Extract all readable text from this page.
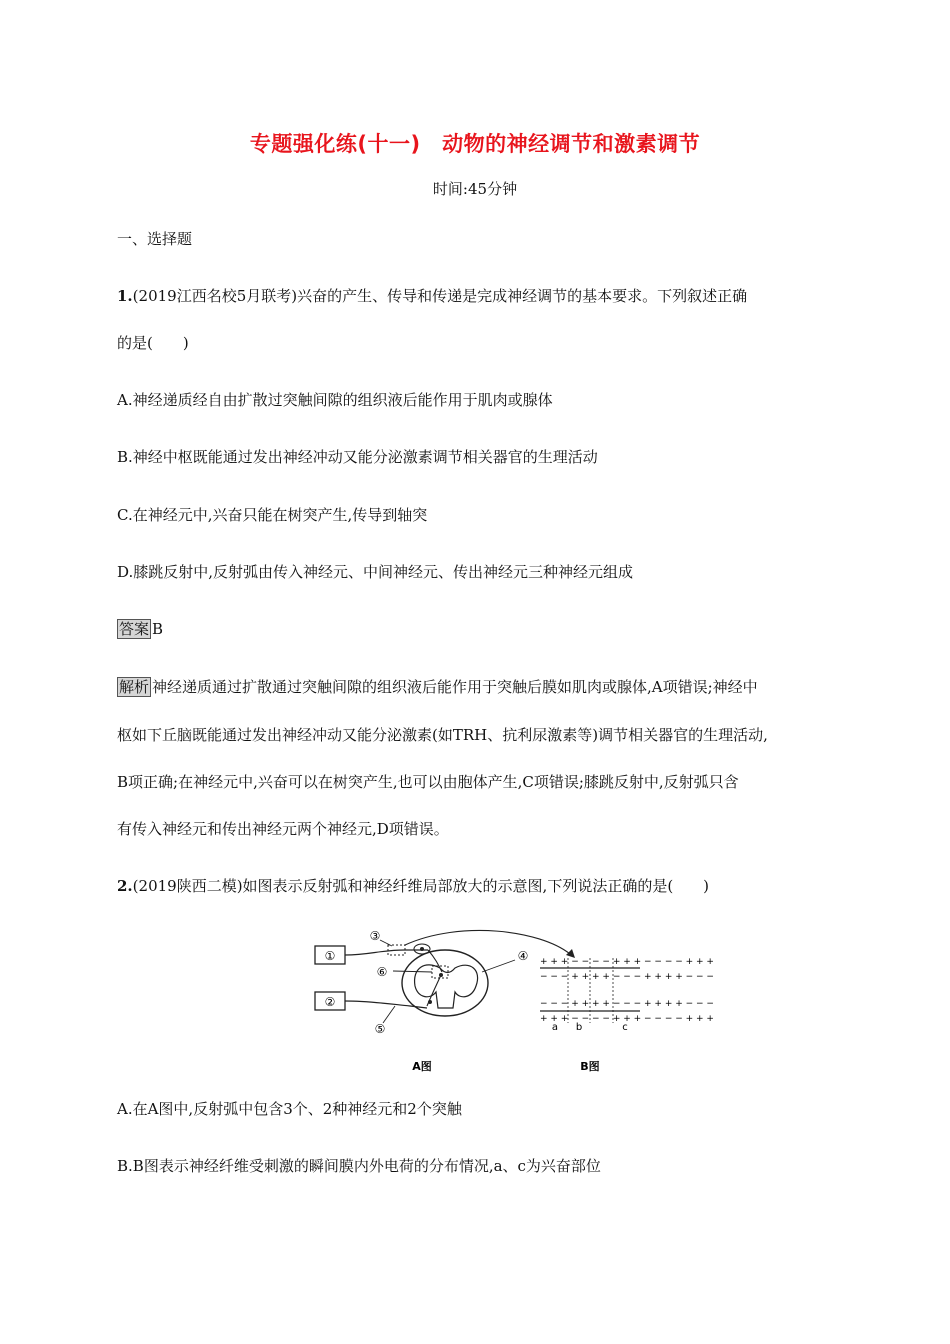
专题强化练(十一)　动物的神经调节和激素调节
时间:45分钟
一、选择题
1.(2019江西名校5月联考)兴奋的产生、传导和传递是完成神经调节的基本要求。下列叙述正确
的是(　　)
A.神经递质经自由扩散过突触间隙的组织液后能作用于肌肉或腺体
B.神经中枢既能通过发出神经冲动又能分泌激素调节相关器官的生理活动
C.在神经元中,兴奋只能在树突产生,传导到轴突
D.膝跳反射中,反射弧由传入神经元、中间神经元、传出神经元三种神经元组成
答案 B
解析 神经递质通过扩散通过突触间隙的组织液后能作用于突触后膜如肌肉或腺体,A项错误;神经中
枢如下丘脑既能通过发出神经冲动又能分泌激素(如TRH、抗利尿激素等)调节相关器官的生理活动,
B项正确;在神经元中,兴奋可以在树突产生,也可以由胞体产生,C项错误;膝跳反射中,反射弧只含
有传入神经元和传出神经元两个神经元,D项错误。
2.(2019陕西二模)如图表示反射弧和神经纤维局部放大的示意图,下列说法正确的是(　　)
①
②
③
④
⑤
⑥
+ + + − − − − + + + − − − − + + +
− − − + + + + − − − + + + + − − −
− − − + + + + − − − + + + + − − −
+ + + − − − − + + + − − − − + + +
a b	c
A图	B图
A.在A图中,反射弧中包含3个、2种神经元和2个突触
B.B图表示神经纤维受刺激的瞬间膜内外电荷的分布情况,a、c为兴奋部位
